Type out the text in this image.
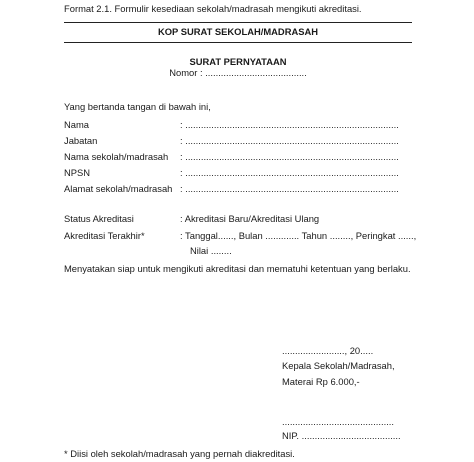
Format 2.1. Formulir kesediaan sekolah/madrasah mengikuti akreditasi.
KOP SURAT SEKOLAH/MADRASAH
SURAT PERNYATAAN
Nomor : .......................................
Yang bertanda tangan di bawah ini,
Nama	: ..................................................................................
Jabatan	: ..................................................................................
Nama sekolah/madrasah : ..................................................................................
NPSN	: ..................................................................................
Alamat sekolah/madrasah : ..................................................................................
Status Akreditasi	: Akreditasi Baru/Akreditasi Ulang
Akreditasi Terakhir*	: Tanggal......, Bulan ............. Tahun ........, Peringkat ......,
Nilai ........
Menyatakan siap untuk mengikuti akreditasi dan mematuhi ketentuan yang berlaku.
........................, 20.....
Kepala Sekolah/Madrasah,
Materai Rp 6.000,-
...........................................
NIP. ......................................
* Diisi oleh sekolah/madrasah yang pernah diakreditasi.
